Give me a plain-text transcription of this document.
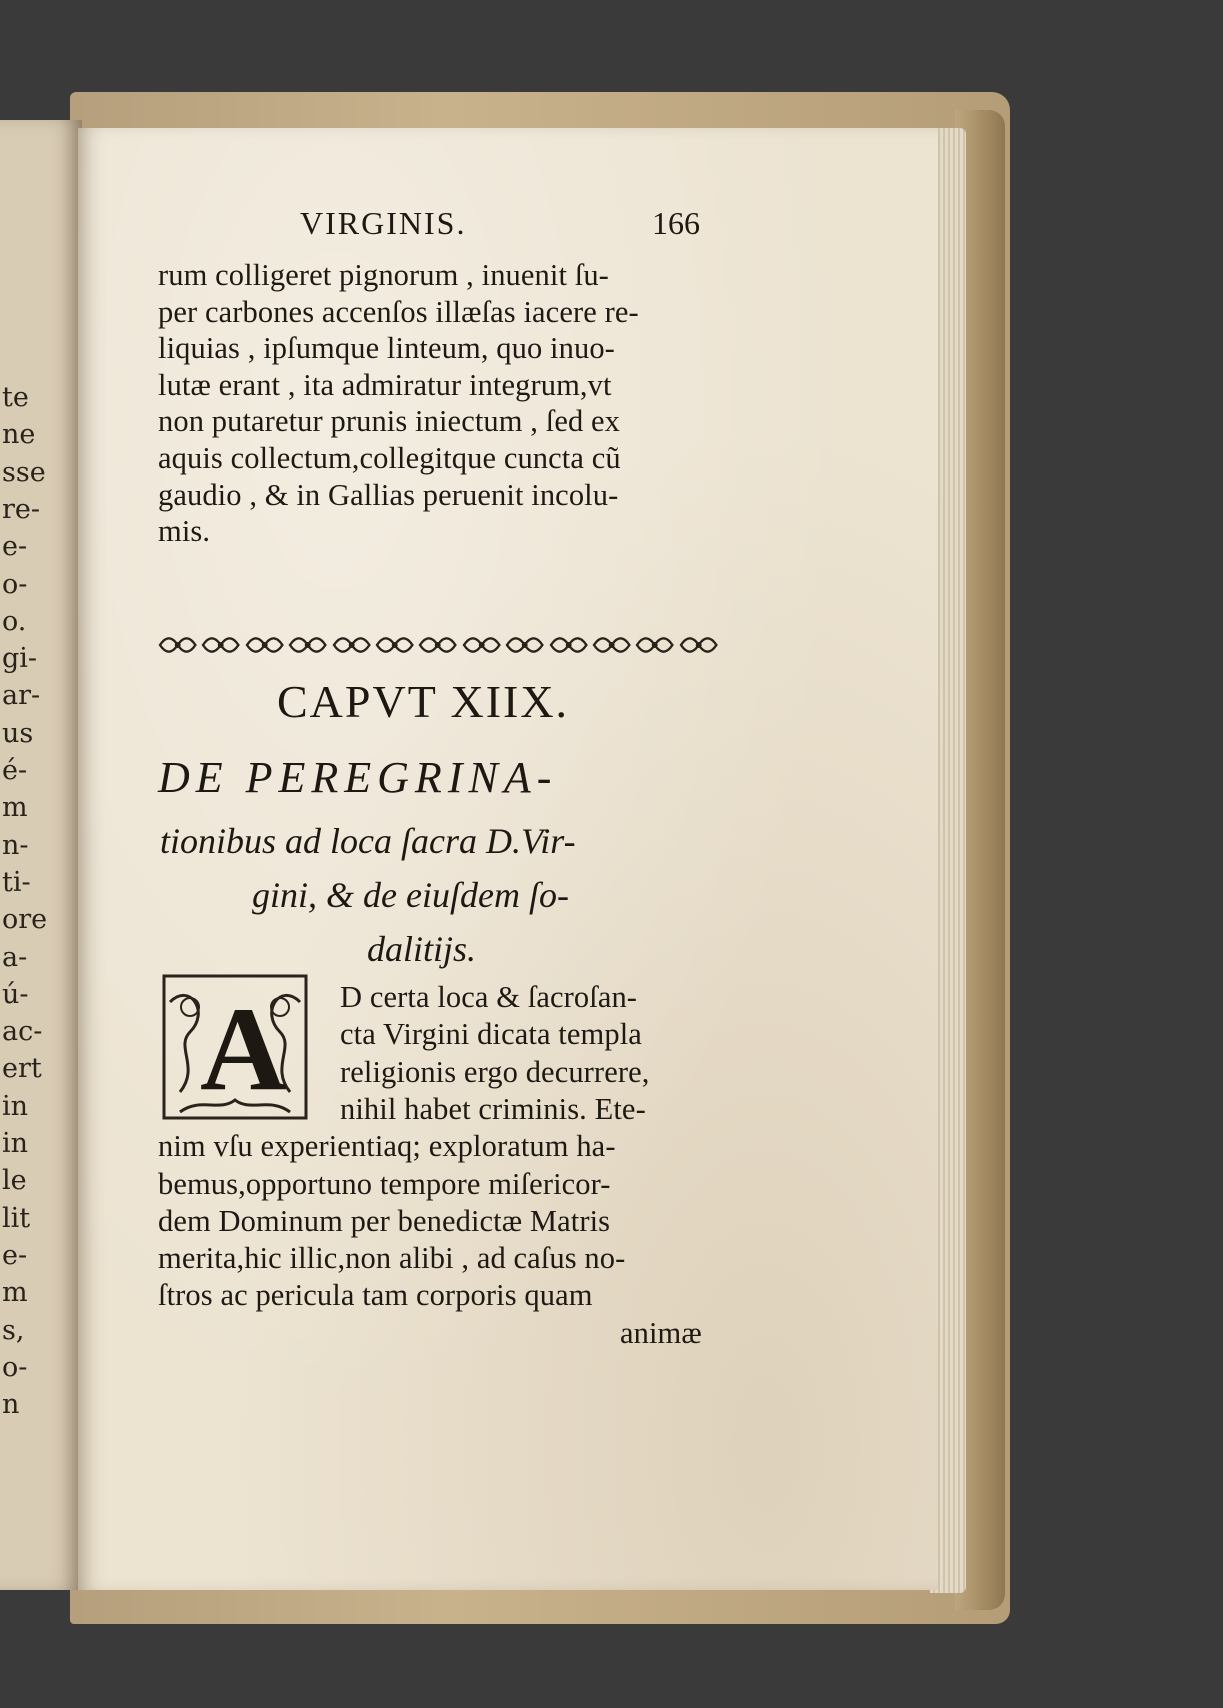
te
ne
sse
re-
e-
o-
o.
gi-
ar-
us
é-
m
n-
ti-
ore
a-
ú-
ac-
ert
in
in
le
lit
e-
m
s,
o-
n
VIRGINIS.	166
rum colligeret pignorum , inuenit ſu-
per carbones accenſos illæſas iacere re-
liquias , ipſumque linteum, quo inuo-
lutæ erant , ita admiratur integrum,vt
non putaretur prunis iniectum , ſed ex
aquis collectum,collegitque cuncta cũ
gaudio , & in Gallias peruenit incolu-
mis.
CAPVT XIIX.
DE PEREGRINA-
tionibus ad loca ſacra D.Vir-
gini, & de eiuſdem ſo-
dalitijs.
A D certa loca & ſacroſan-
cta Virgini dicata templa
religionis ergo decurrere,
nihil habet criminis. Ete-
nim vſu experientiaq; exploratum ha-
bemus,opportuno tempore miſericor-
dem Dominum per benedictæ Matris
merita,hic illic,non alibi , ad caſus no-
ſtros ac pericula tam corporis quam
animæ
